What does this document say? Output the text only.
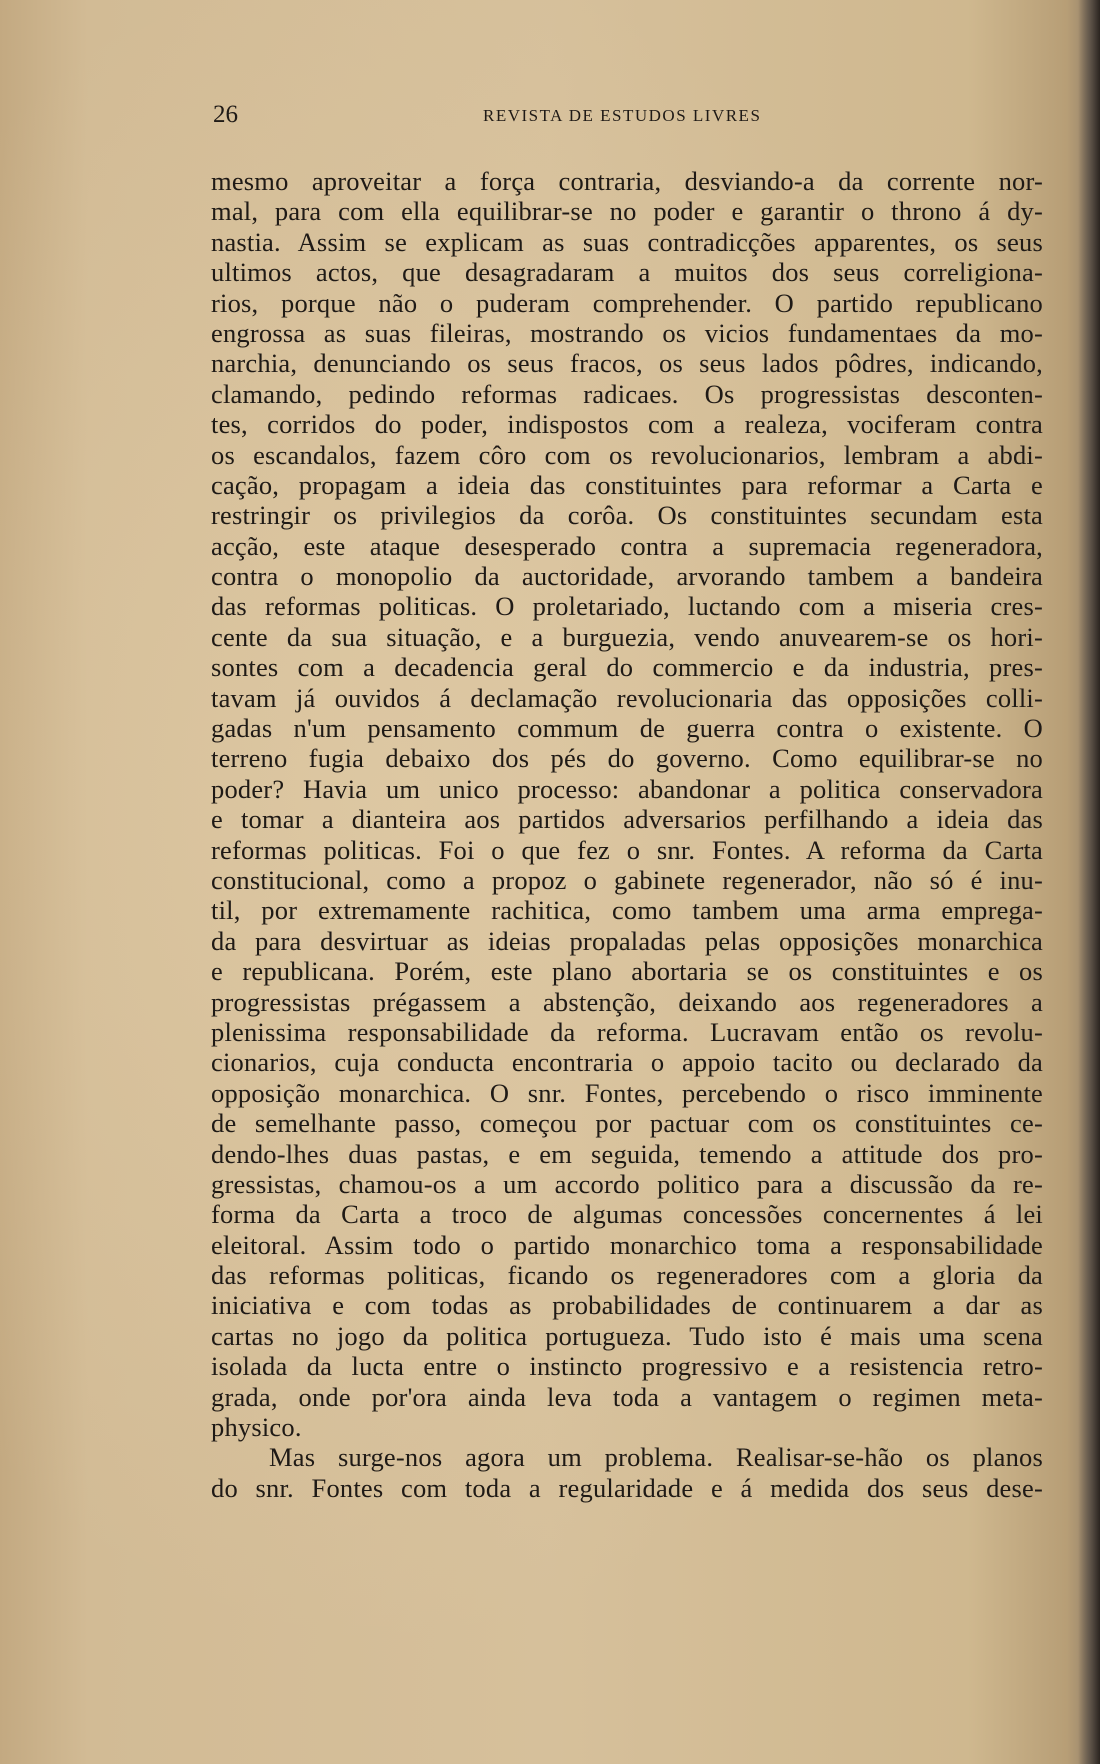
26	REVISTA DE ESTUDOS LIVRES
mesmo aproveitar a força contraria, desviando-a da corrente nor-
mal, para com ella equilibrar-se no poder e garantir o throno á dy-
nastia. Assim se explicam as suas contradicções apparentes, os seus
ultimos actos, que desagradaram a muitos dos seus correligiona-
rios, porque não o puderam comprehender. O partido republicano
engrossa as suas fileiras, mostrando os vicios fundamentaes da mo-
narchia, denunciando os seus fracos, os seus lados pôdres, indicando,
clamando, pedindo reformas radicaes. Os progressistas desconten-
tes, corridos do poder, indispostos com a realeza, vociferam contra
os escandalos, fazem côro com os revolucionarios, lembram a abdi-
cação, propagam a ideia das constituintes para reformar a Carta e
restringir os privilegios da corôa. Os constituintes secundam esta
acção, este ataque desesperado contra a supremacia regeneradora,
contra o monopolio da auctoridade, arvorando tambem a bandeira
das reformas politicas. O proletariado, luctando com a miseria cres-
cente da sua situação, e a burguezia, vendo anuvearem-se os hori-
sontes com a decadencia geral do commercio e da industria, pres-
tavam já ouvidos á declamação revolucionaria das opposições colli-
gadas n'um pensamento commum de guerra contra o existente. O
terreno fugia debaixo dos pés do governo. Como equilibrar-se no
poder? Havia um unico processo: abandonar a politica conservadora
e tomar a dianteira aos partidos adversarios perfilhando a ideia das
reformas politicas. Foi o que fez o snr. Fontes. A reforma da Carta
constitucional, como a propoz o gabinete regenerador, não só é inu-
til, por extremamente rachitica, como tambem uma arma emprega-
da para desvirtuar as ideias propaladas pelas opposições monarchica
e republicana. Porém, este plano abortaria se os constituintes e os
progressistas prégassem a abstenção, deixando aos regeneradores a
plenissima responsabilidade da reforma. Lucravam então os revolu-
cionarios, cuja conducta encontraria o appoio tacito ou declarado da
opposição monarchica. O snr. Fontes, percebendo o risco imminente
de semelhante passo, começou por pactuar com os constituintes ce-
dendo-lhes duas pastas, e em seguida, temendo a attitude dos pro-
gressistas, chamou-os a um accordo politico para a discussão da re-
forma da Carta a troco de algumas concessões concernentes á lei
eleitoral. Assim todo o partido monarchico toma a responsabilidade
das reformas politicas, ficando os regeneradores com a gloria da
iniciativa e com todas as probabilidades de continuarem a dar as
cartas no jogo da politica portugueza. Tudo isto é mais uma scena
isolada da lucta entre o instincto progressivo e a resistencia retro-
grada, onde por'ora ainda leva toda a vantagem o regimen meta-
physico.
Mas surge-nos agora um problema. Realisar-se-hão os planos
do snr. Fontes com toda a regularidade e á medida dos seus dese-
